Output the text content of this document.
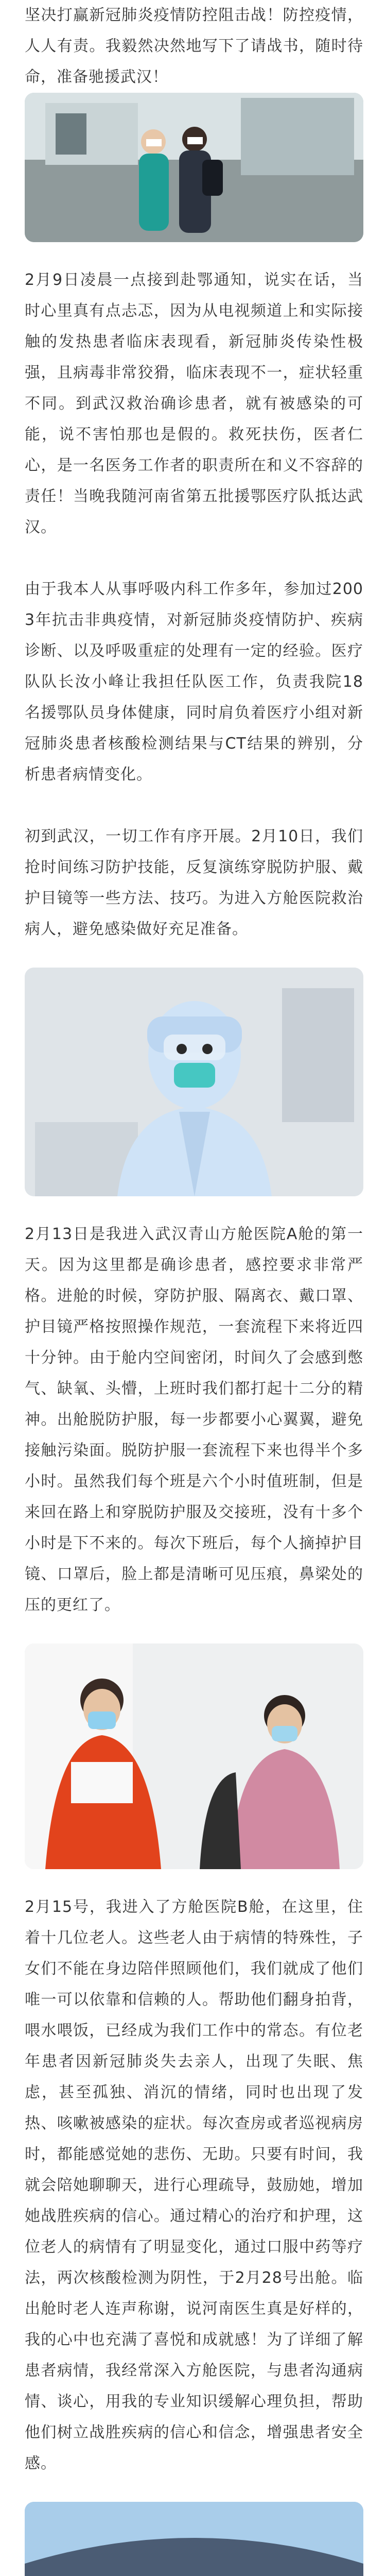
坚决打赢新冠肺炎疫情防控阻击战！防控疫情，人人有责。我毅然决然地写下了请战书，随时待命，准备驰援武汉！

2月9日凌晨一点接到赴鄂通知，说实在话，当时心里真有点忐忑，因为从电视频道上和实际接触的发热患者临床表现看，新冠肺炎传染性极强，且病毒非常狡猾，临床表现不一，症状轻重不同。到武汉救治确诊患者，就有被感染的可能，说不害怕那也是假的。救死扶伤，医者仁心，是一名医务工作者的职责所在和义不容辞的责任！当晚我随河南省第五批援鄂医疗队抵达武汉。

由于我本人从事呼吸内科工作多年，参加过2003年抗击非典疫情，对新冠肺炎疫情防护、疾病诊断、以及呼吸重症的处理有一定的经验。医疗队队长汝小峰让我担任队医工作，负责我院18名援鄂队员身体健康，同时肩负着医疗小组对新冠肺炎患者核酸检测结果与CT结果的辨别，分析患者病情变化。

初到武汉，一切工作有序开展。2月10日，我们抢时间练习防护技能，反复演练穿脱防护服、戴护目镜等一些方法、技巧。为进入方舱医院救治病人，避免感染做好充足准备。

2月13日是我进入武汉青山方舱医院A舱的第一天。因为这里都是确诊患者，感控要求非常严格。进舱的时候，穿防护服、隔离衣、戴口罩、护目镜严格按照操作规范，一套流程下来将近四十分钟。由于舱内空间密闭，时间久了会感到憋气、缺氧、头懵，上班时我们都打起十二分的精神。出舱脱防护服，每一步都要小心翼翼，避免接触污染面。脱防护服一套流程下来也得半个多小时。虽然我们每个班是六个小时值班制，但是来回在路上和穿脱防护服及交接班，没有十多个小时是下不来的。每次下班后，每个人摘掉护目镜、口罩后，脸上都是清晰可见压痕，鼻梁处的压的更红了。

2月15号，我进入了方舱医院B舱，在这里，住着十几位老人。这些老人由于病情的特殊性，子女们不能在身边陪伴照顾他们，我们就成了他们唯一可以依靠和信赖的人。帮助他们翻身拍背，喂水喂饭，已经成为我们工作中的常态。有位老年患者因新冠肺炎失去亲人，出现了失眠、焦虑，甚至孤独、消沉的情绪，同时也出现了发热、咳嗽被感染的症状。每次查房或者巡视病房时，都能感觉她的悲伤、无助。只要有时间，我就会陪她聊聊天，进行心理疏导，鼓励她，增加她战胜疾病的信心。通过精心的治疗和护理，这位老人的病情有了明显变化，通过口服中药等疗法，两次核酸检测为阴性，于2月28号出舱。临出舱时老人连声称谢，说河南医生真是好样的，我的心中也充满了喜悦和成就感！为了详细了解患者病情，我经常深入方舱医院，与患者沟通病情、谈心，用我的专业知识缓解心理负担，帮助他们树立战胜疾病的信心和信念，增强患者安全感。
